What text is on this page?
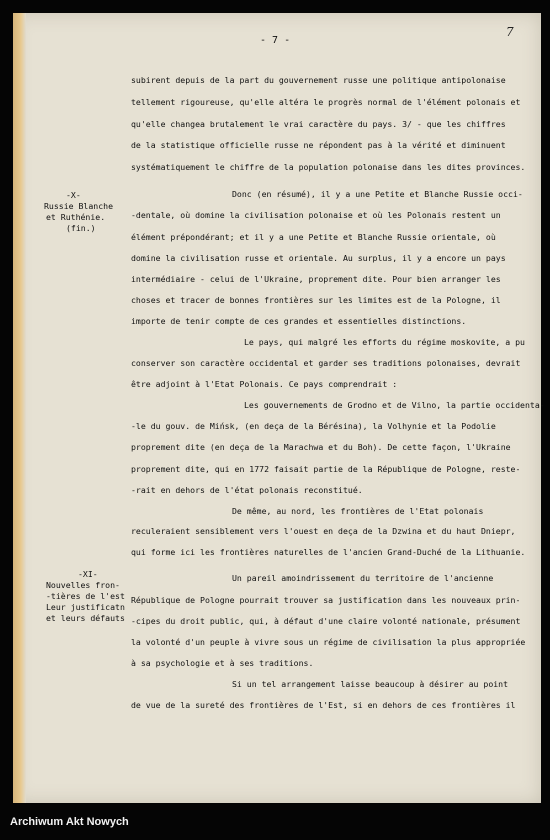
- 7 -
7
-X-
Russie Blanche
et Ruthénie.
(fin.)
-XI-
Nouvelles fron-
-tières de l'est
Leur justificatn
et leurs défauts
subirent depuis de la part du gouvernement russe une politique antipolonaise
tellement rigoureuse, qu'elle altéra le progrès normal de l'élément polonais et
qu'elle changea brutalement le vrai caractère du pays. 3/ - que les chiffres
de la statistique officielle russe ne répondent pas à la vérité et diminuent
systématiquement le chiffre de la population polonaise dans les dites provinces.
Donc (en résumé), il y a une Petite et Blanche Russie occi-
-dentale, où domine la civilisation polonaise et où les Polonais restent un
élément prépondérant; et il y a une Petite et Blanche Russie orientale, où
domine la civilisation russe et orientale. Au surplus, il y a encore un pays
intermédiaire - celui de l'Ukraine, proprement dite. Pour bien arranger les
choses et tracer de bonnes frontières sur les limites est de la Pologne, il
importe de tenir compte de ces grandes et essentielles distinctions.
Le pays, qui malgré les efforts du régime moskovite, a pu
conserver son caractère occidental et garder ses traditions polonaises, devrait
être adjoint à l'Etat Polonais. Ce pays comprendrait :
Les gouvernements de Grodno et de Vilno, la partie occidenta-
-le du gouv. de Mińsk, (en deça de la Bérésina), la Volhynie et la Podolie
proprement dite (en deça de la Marachwa et du Boh). De cette façon, l'Ukraine
proprement dite, qui en 1772 faisait partie de la République de Pologne, reste-
-rait en dehors de l'état polonais reconstitué.
De même, au nord, les frontières de l'Etat polonais
reculeraient sensiblement vers l'ouest en deça de la Dzwina et du haut Dniepr,
qui forme ici les frontières naturelles de l'ancien Grand-Duché de la Lithuanie.
Un pareil amoindrissement du territoire de l'ancienne
République de Pologne pourrait trouver sa justification dans les nouveaux prin-
-cipes du droit public, qui, à défaut d'une claire volonté nationale, présument
la volonté d'un peuple à vivre sous un régime de civilisation la plus appropriée
à sa psychologie et à ses traditions.
Si un tel arrangement laisse beaucoup à désirer au point
de vue de la sureté des frontières de l'Est, si en dehors de ces frontières il
Archiwum Akt Nowych
